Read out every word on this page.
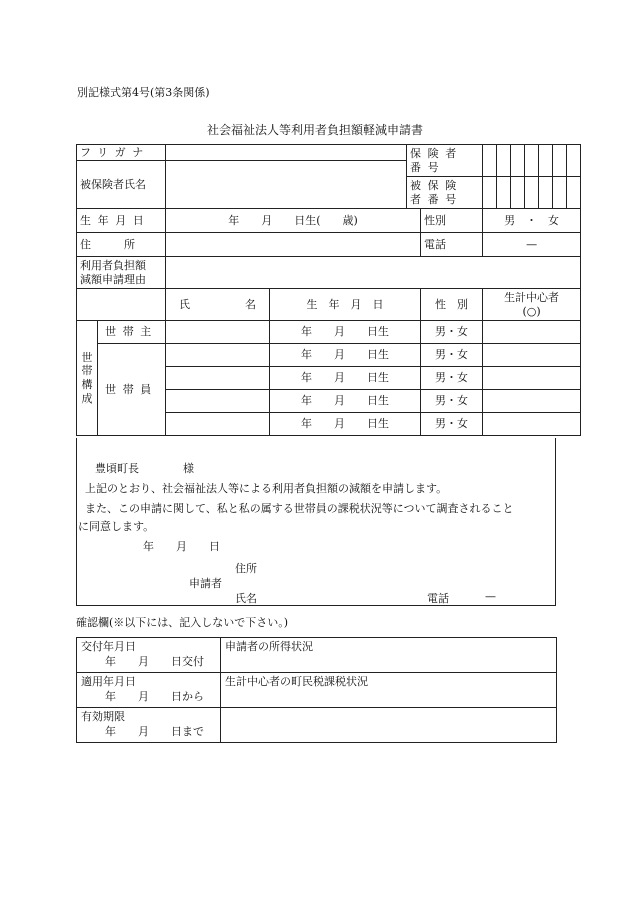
別記様式第4号(第3条関係)
社会福祉法人等利用者負担額軽減申請書
フリガナ				保険者番号									
被保険者氏名													
				被保険者番号										
生年月日		年　　月　　日生(　　歳)			性別	男　・　女							
住　　　所					電話	—							
利用者負担額
減額申請理由													
		氏　　　　　名	生　年　月　日		性　別	生計中心者
(○)							

世
帯
構
成	世帯主		年　　月　　日生		男・女								
	世帯員		年　　月　　日生		男・女								
			年　　月　　日生		男・女								
			年　　月　　日生		男・女								
			年　　月　　日生		男・女								
豊頃町長　　　　様
上記のとおり、社会福祉法人等による利用者負担額の減額を申請します。
また、この申請に関して、私と私の属する世帯員の課税状況等について調査されること
に同意します。
年　　月　　日
住所
申請者
氏名	電話	—
確認欄(※以下には、記入しないで下さい。)
交付年月日
年　　月　　日交付	申請者の所得状況
適用年月日
年　　月　　日から	生計中心者の町民税課税状況
有効期限
年　　月　　日まで	
